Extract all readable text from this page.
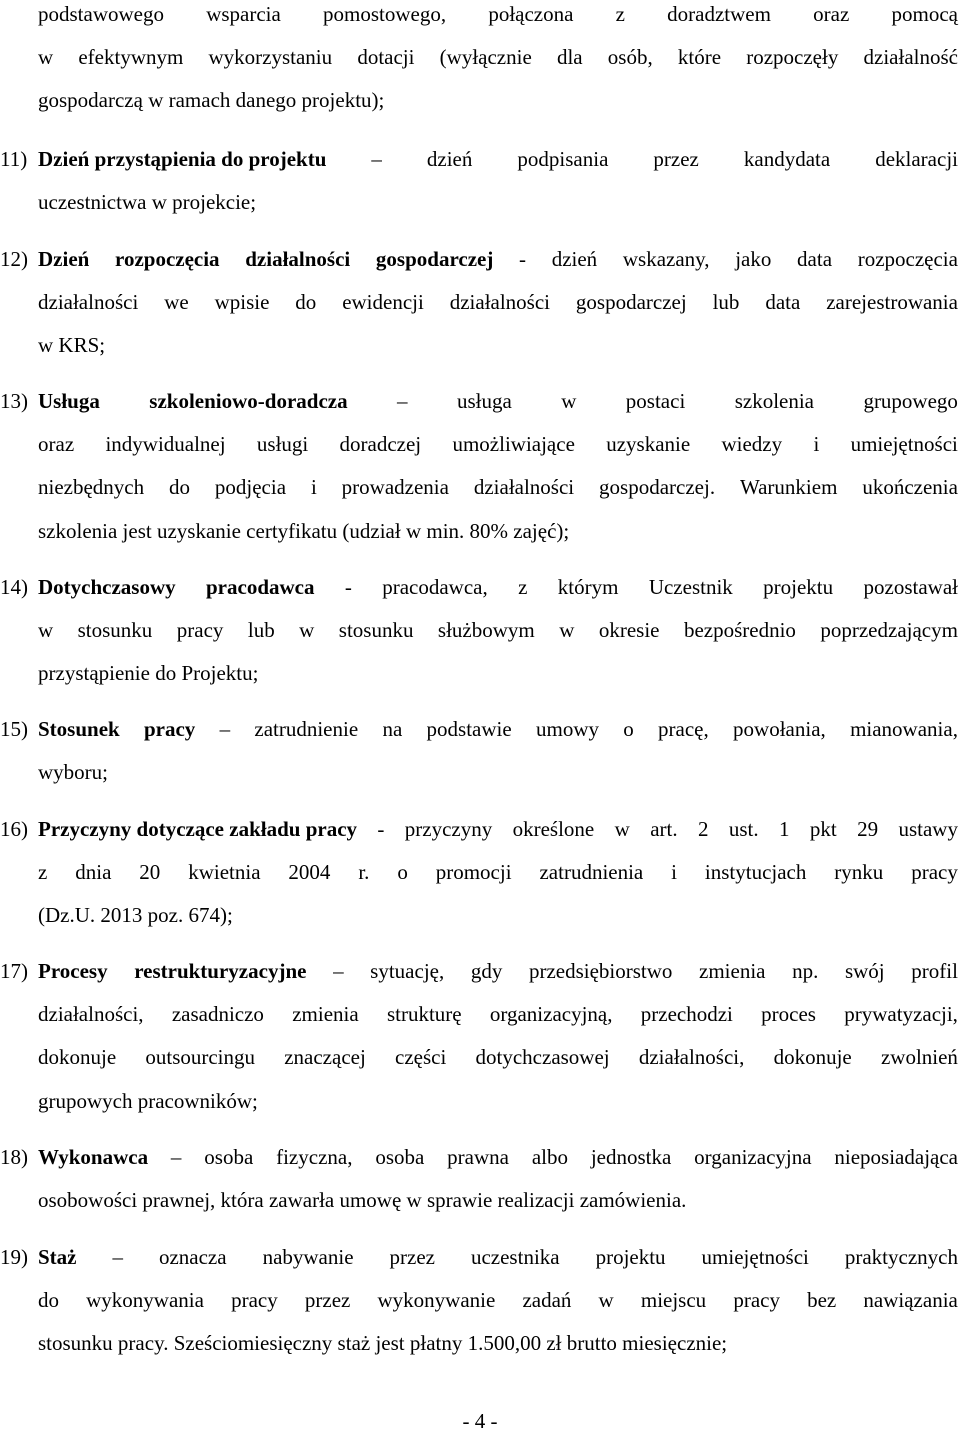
podstawowego wsparcia pomostowego, połączona z doradztwem oraz pomocą
w efektywnym wykorzystaniu dotacji (wyłącznie dla osób, które rozpoczęły działalność
gospodarczą w ramach danego projektu);
11) Dzień przystąpienia do projektu – dzień podpisania przez kandydata deklaracji
uczestnictwa w projekcie;
12) Dzień rozpoczęcia działalności gospodarczej - dzień wskazany, jako data rozpoczęcia
działalności we wpisie do ewidencji działalności gospodarczej lub data zarejestrowania
w KRS;
13) Usługa szkoleniowo-doradcza – usługa w postaci szkolenia grupowego
oraz indywidualnej usługi doradczej umożliwiające uzyskanie wiedzy i umiejętności
niezbędnych do podjęcia i prowadzenia działalności gospodarczej. Warunkiem ukończenia
szkolenia jest uzyskanie certyfikatu (udział w min. 80% zajęć);
14) Dotychczasowy pracodawca - pracodawca, z którym Uczestnik projektu pozostawał
w stosunku pracy lub w stosunku służbowym w okresie bezpośrednio poprzedzającym
przystąpienie do Projektu;
15) Stosunek pracy – zatrudnienie na podstawie umowy o pracę, powołania, mianowania,
wyboru;
16) Przyczyny dotyczące zakładu pracy - przyczyny określone w art. 2 ust. 1 pkt 29 ustawy
z dnia 20 kwietnia 2004 r. o promocji zatrudnienia i instytucjach rynku pracy
(Dz.U. 2013 poz. 674);
17) Procesy restrukturyzacyjne – sytuację, gdy przedsiębiorstwo zmienia np. swój profil
działalności, zasadniczo zmienia strukturę organizacyjną, przechodzi proces prywatyzacji,
dokonuje outsourcingu znaczącej części dotychczasowej działalności, dokonuje zwolnień
grupowych pracowników;
18) Wykonawca – osoba fizyczna, osoba prawna albo jednostka organizacyjna nieposiadająca
osobowości prawnej, która zawarła umowę w sprawie realizacji zamówienia.
19) Staż – oznacza nabywanie przez uczestnika projektu umiejętności praktycznych
do wykonywania pracy przez wykonywanie zadań w miejscu pracy bez nawiązania
stosunku pracy. Sześciomiesięczny staż jest płatny 1.500,00 zł brutto miesięcznie;
- 4 -
